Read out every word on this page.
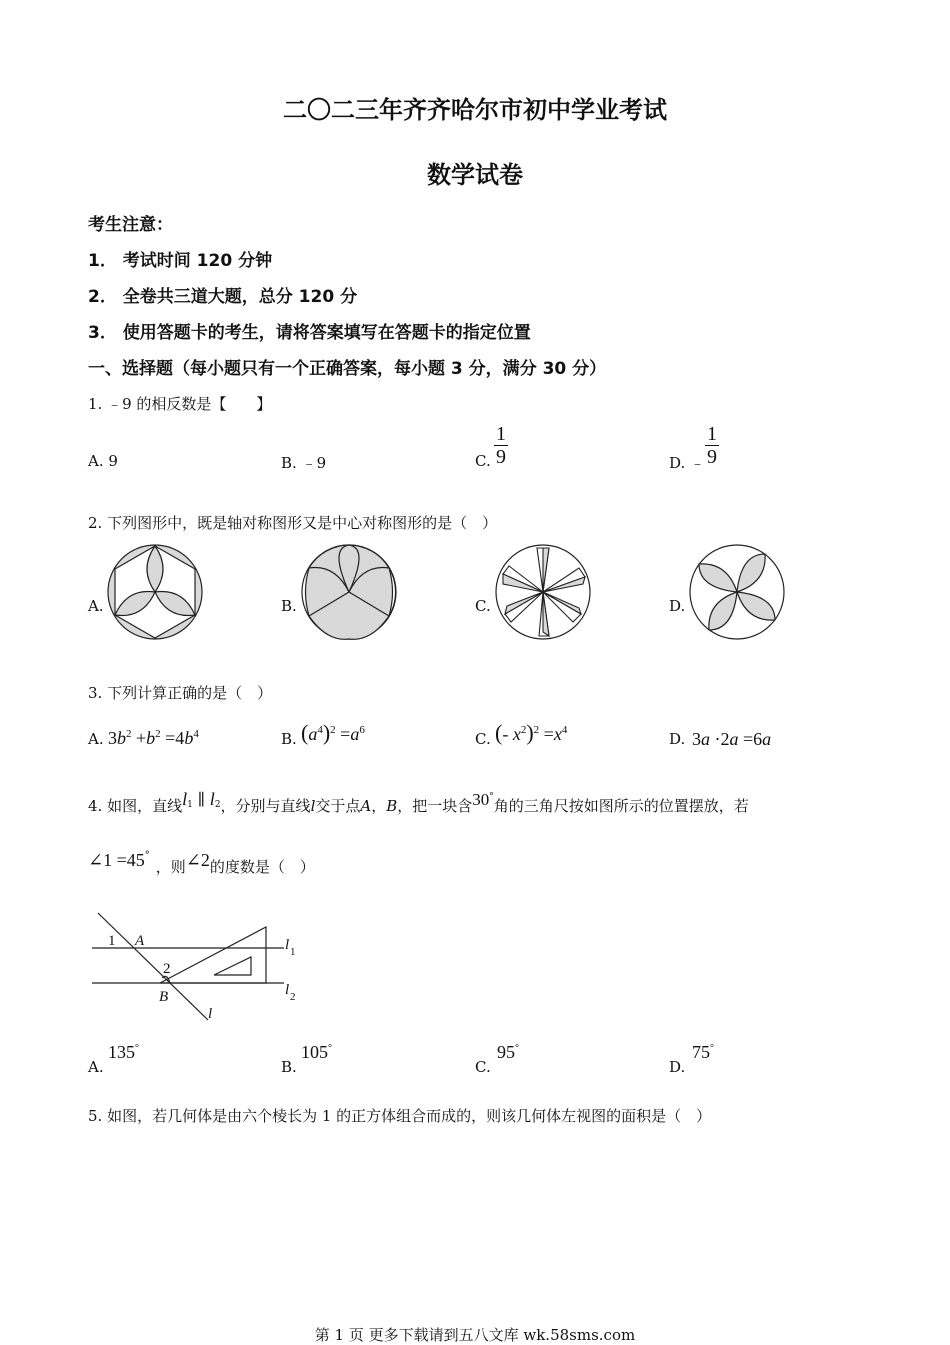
二〇二三年齐齐哈尔市初中学业考试
数学试卷
考生注意：
1． 考试时间 120 分钟
2． 全卷共三道大题，总分 120 分
3． 使用答题卡的考生，请将答案填写在答题卡的指定位置
一、选择题（每小题只有一个正确答案，每小题 3 分，满分 30 分）
1. ﹣9 的相反数是【　　】
A. 9	B. ﹣9	C. $\frac{1}{9}$	D. ﹣ $\frac{1}{9}$
2. 下列图形中，既是轴对称图形又是中心对称图形的是（　）
A.	B.	C.	D.
3. 下列计算正确的是（　）
A. $3b^2 +b^2 =4b^4$	B. $(a^4)^2 =a^6$	C. (- $x^2)^2 =x^4$	D. 3a ·2a =6a
4. 如图，直线$l_1$ ∥ $l_2$，分别与直线l交于点A，B，把一块含30°角的三角尺按如图所示的位置摆放，若
∠1 =45°，则∠2的度数是（　）
1 A
2
B
l
l 1
l 2
A.
135°
B.
105°
C.
95°
D.
75°
5. 如图，若几何体是由六个棱长为 1 的正方体组合而成的，则该几何体左视图的面积是（　）
第 1 页 更多下载请到五八文库 wk.58sms.com
